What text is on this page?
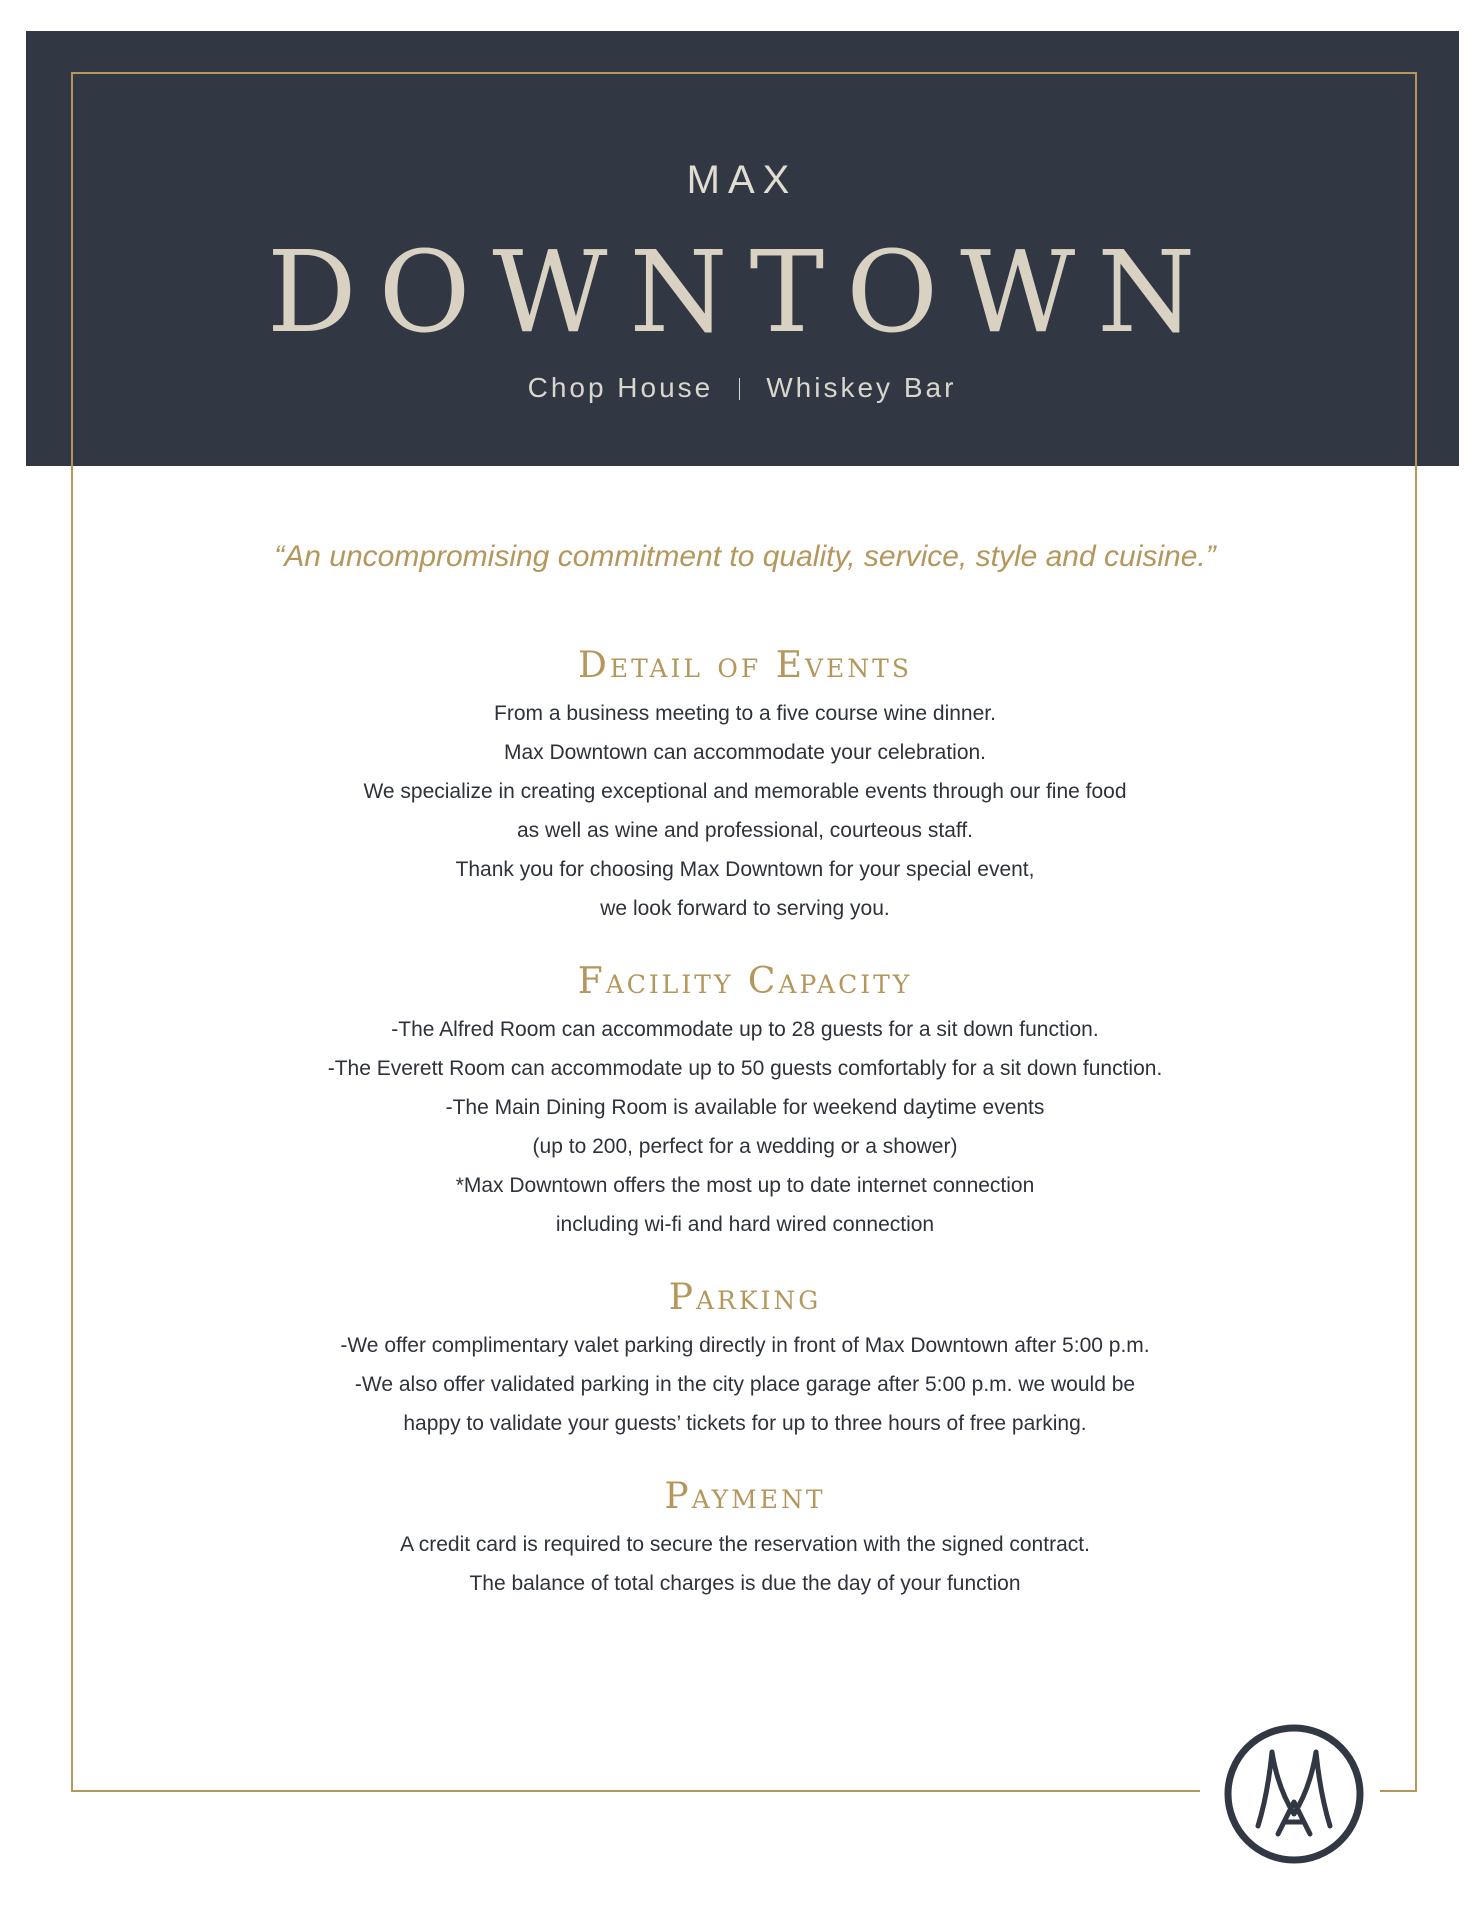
MAX
DOWNTOWN
Chop House Whiskey Bar
“An uncompromising commitment to quality, service, style and cuisine.”
Detail of Events
From a business meeting to a five course wine dinner.
Max Downtown can accommodate your celebration.
We specialize in creating exceptional and memorable events through our fine food
as well as wine and professional, courteous staff.
Thank you for choosing Max Downtown for your special event,
we look forward to serving you.
Facility Capacity
-The Alfred Room can accommodate up to 28 guests for a sit down function.
-The Everett Room can accommodate up to 50 guests comfortably for a sit down function.
-The Main Dining Room is available for weekend daytime events
(up to 200, perfect for a wedding or a shower)
*Max Downtown offers the most up to date internet connection
including wi-fi and hard wired connection
Parking
-We offer complimentary valet parking directly in front of Max Downtown after 5:00 p.m.
-We also offer validated parking in the city place garage after 5:00 p.m. we would be
happy to validate your guests’ tickets for up to three hours of free parking.
Payment
A credit card is required to secure the reservation with the signed contract.
The balance of total charges is due the day of your function
